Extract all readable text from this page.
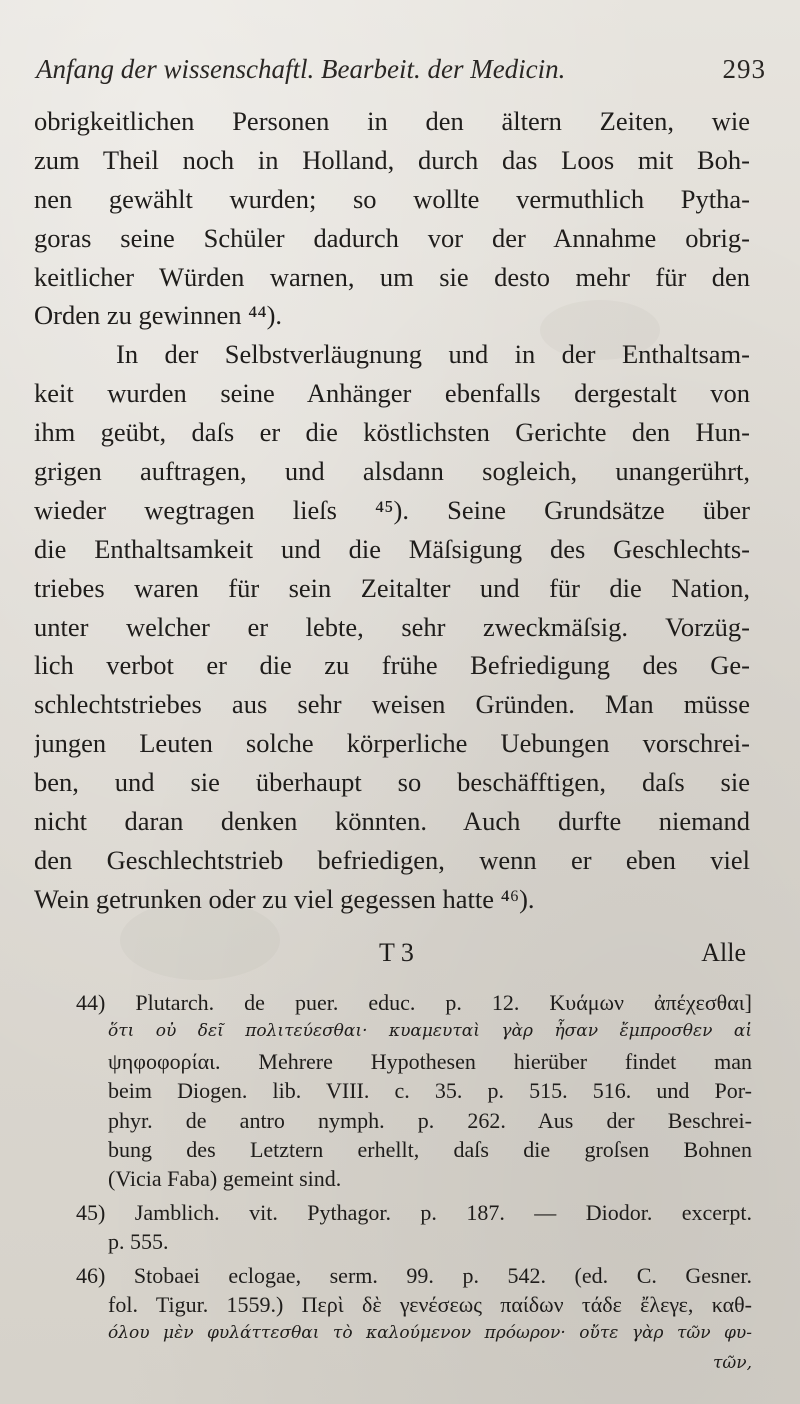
Anfang der wissenschaftl. Bearbeit. der Medicin.	293
obrigkeitlichen Personen in den ältern Zeiten, wie
zum Theil noch in Holland, durch das Loos mit Boh-
nen gewählt wurden; so wollte vermuthlich Pytha-
goras seine Schüler dadurch vor der Annahme obrig-
keitlicher Würden warnen, um sie desto mehr für den
Orden zu gewinnen ⁴⁴).
In der Selbstverläugnung und in der Enthaltsam-
keit wurden seine Anhänger ebenfalls dergestalt von
ihm geübt, daſs er die köstlichsten Gerichte den Hun-
grigen auftragen, und alsdann sogleich, unangerührt,
wieder wegtragen lieſs ⁴⁵). Seine Grundsätze über
die Enthaltsamkeit und die Mäſsigung des Geschlechts-
triebes waren für sein Zeitalter und für die Nation,
unter welcher er lebte, sehr zweckmäſsig. Vorzüg-
lich verbot er die zu frühe Befriedigung des Ge-
schlechtstriebes aus sehr weisen Gründen. Man müsse
jungen Leuten solche körperliche Uebungen vorschrei-
ben, und sie überhaupt so beschäfftigen, daſs sie
nicht daran denken könnten. Auch durfte niemand
den Geschlechtstrieb befriedigen, wenn er eben viel
Wein getrunken oder zu viel gegessen hatte ⁴⁶).
T 3	Alle
44) Plutarch. de puer. educ. p. 12. Κυάμων ἀπέχεσθαι]
ὅτι οὐ δεῖ πολιτεύεσθαι· κυαμευταὶ γὰρ ἦσαν ἔμπροσθεν αἱ
ψηφοφορίαι. Mehrere Hypothesen hierüber findet man
beim Diogen. lib. VIII. c. 35. p. 515. 516. und Por-
phyr. de antro nymph. p. 262. Aus der Beschrei-
bung des Letztern erhellt, daſs die groſsen Bohnen
(Vicia Faba) gemeint sind.
45) Jamblich. vit. Pythagor. p. 187. — Diodor. excerpt.
p. 555.
46) Stobaei eclogae, serm. 99. p. 542. (ed. C. Gesner.
fol. Tigur. 1559.) Περὶ δὲ γενέσεως παίδων τάδε ἔλεγε, καθ-
όλου μὲν φυλάττεσθαι τὸ καλούμενον πρόωρον· οὔτε γὰρ τῶν φυ-
τῶν,
